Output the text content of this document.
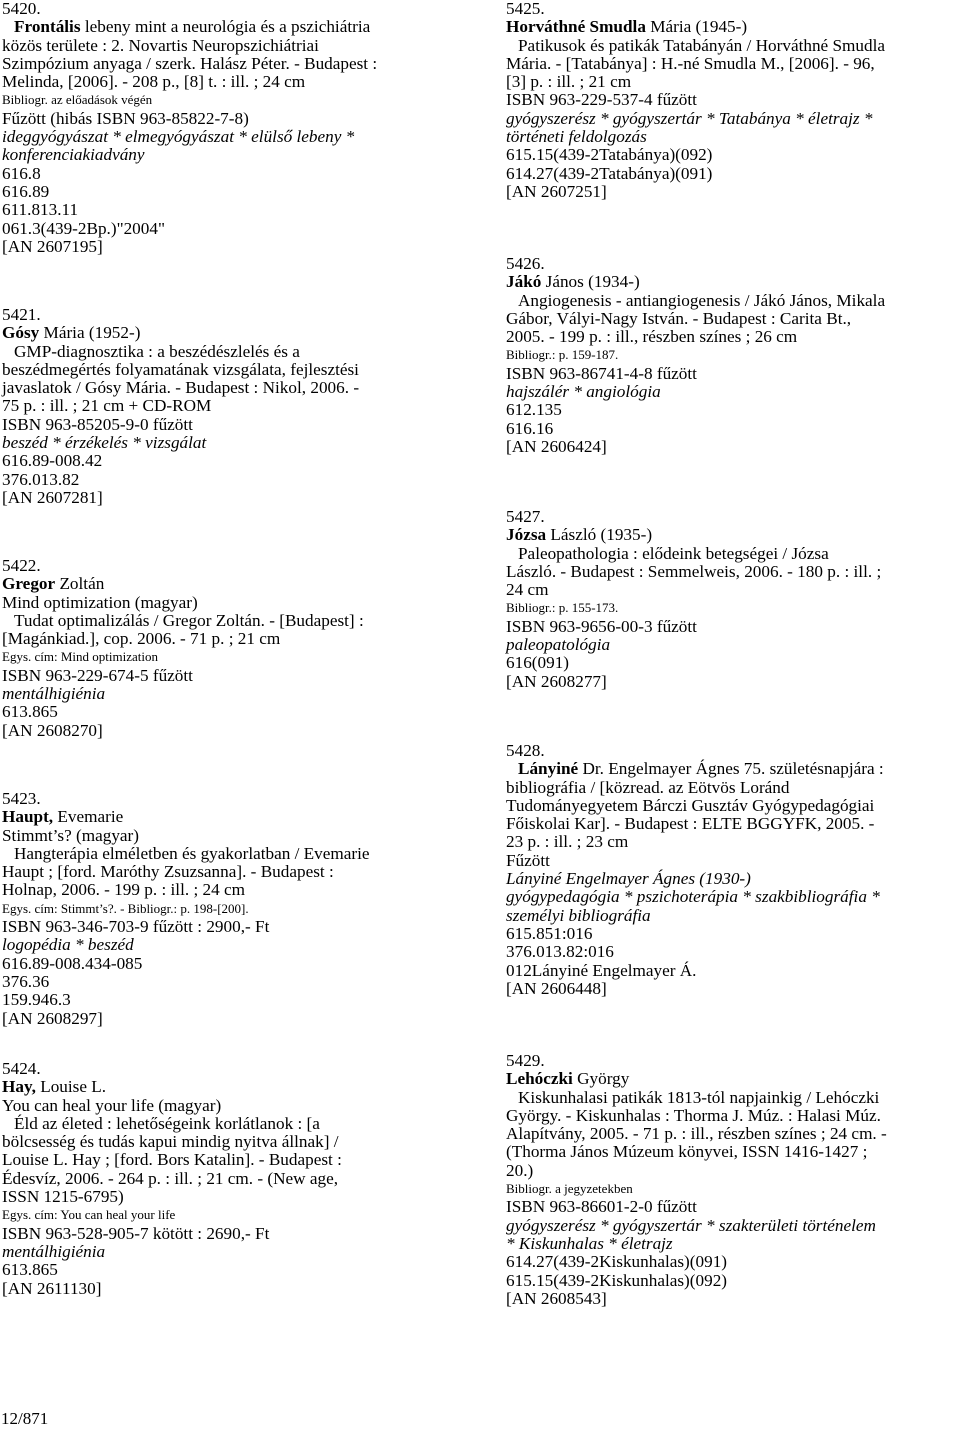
5420.
Frontális lebeny mint a neurológia és a pszichiátria
közös területe : 2. Novartis Neuropszichiátriai
Szimpózium anyaga / szerk. Halász Péter. - Budapest :
Melinda, [2006]. - 208 p., [8] t. : ill. ; 24 cm
Bibliogr. az előadások végén
Fűzött (hibás ISBN 963-85822-7-8)
ideggyógyászat * elmegyógyászat * elülső lebeny *
konferenciakiadvány
616.8
616.89
611.813.11
061.3(439-2Bp.)"2004"
[AN 2607195]
5421.
Gósy Mária (1952-)
GMP-diagnosztika : a beszédészlelés és a
beszédmegértés folyamatának vizsgálata, fejlesztési
javaslatok / Gósy Mária. - Budapest : Nikol, 2006. -
75 p. : ill. ; 21 cm + CD-ROM
ISBN 963-85205-9-0 fűzött
beszéd * érzékelés * vizsgálat
616.89-008.42
376.013.82
[AN 2607281]
5422.
Gregor Zoltán
Mind optimization (magyar)
Tudat optimalizálás / Gregor Zoltán. - [Budapest] :
[Magánkiad.], cop. 2006. - 71 p. ; 21 cm
Egys. cím: Mind optimization
ISBN 963-229-674-5 fűzött
mentálhigiénia
613.865
[AN 2608270]
5423.
Haupt, Evemarie
Stimmt’s? (magyar)
Hangterápia elméletben és gyakorlatban / Evemarie
Haupt ; [ford. Maróthy Zsuzsanna]. - Budapest :
Holnap, 2006. - 199 p. : ill. ; 24 cm
Egys. cím: Stimmt’s?. - Bibliogr.: p. 198-[200].
ISBN 963-346-703-9 fűzött : 2900,- Ft
logopédia * beszéd
616.89-008.434-085
376.36
159.946.3
[AN 2608297]
5424.
Hay, Louise L.
You can heal your life (magyar)
Éld az életed : lehetőségeink korlátlanok : [a
bölcsesség és tudás kapui mindig nyitva állnak] /
Louise L. Hay ; [ford. Bors Katalin]. - Budapest :
Édesvíz, 2006. - 264 p. : ill. ; 21 cm. - (New age,
ISSN 1215-6795)
Egys. cím: You can heal your life
ISBN 963-528-905-7 kötött : 2690,- Ft
mentálhigiénia
613.865
[AN 2611130]
5425.
Horváthné Smudla Mária (1945-)
Patikusok és patikák Tatabányán / Horváthné Smudla
Mária. - [Tatabánya] : H.-né Smudla M., [2006]. - 96,
[3] p. : ill. ; 21 cm
ISBN 963-229-537-4 fűzött
gyógyszerész * gyógyszertár * Tatabánya * életrajz *
történeti feldolgozás
615.15(439-2Tatabánya)(092)
614.27(439-2Tatabánya)(091)
[AN 2607251]
5426.
Jákó János (1934-)
Angiogenesis - antiangiogenesis / Jákó János, Mikala
Gábor, Vályi-Nagy István. - Budapest : Carita Bt.,
2005. - 199 p. : ill., részben színes ; 26 cm
Bibliogr.: p. 159-187.
ISBN 963-86741-4-8 fűzött
hajszálér * angiológia
612.135
616.16
[AN 2606424]
5427.
Józsa László (1935-)
Paleopathologia : elődeink betegségei / Józsa
László. - Budapest : Semmelweis, 2006. - 180 p. : ill. ;
24 cm
Bibliogr.: p. 155-173.
ISBN 963-9656-00-3 fűzött
paleopatológia
616(091)
[AN 2608277]
5428.
Lányiné Dr. Engelmayer Ágnes 75. születésnapjára :
bibliográfia / [közread. az Eötvös Loránd
Tudományegyetem Bárczi Gusztáv Gyógypedagógiai
Főiskolai Kar]. - Budapest : ELTE BGGYFK, 2005. -
23 p. : ill. ; 23 cm
Fűzött
Lányiné Engelmayer Ágnes (1930-)
gyógypedagógia * pszichoterápia * szakbibliográfia *
személyi bibliográfia
615.851:016
376.013.82:016
012Lányiné Engelmayer Á.
[AN 2606448]
5429.
Lehóczki György
Kiskunhalasi patikák 1813-tól napjainkig / Lehóczki
György. - Kiskunhalas : Thorma J. Múz. : Halasi Múz.
Alapítvány, 2005. - 71 p. : ill., részben színes ; 24 cm. -
(Thorma János Múzeum könyvei, ISSN 1416-1427 ;
20.)
Bibliogr. a jegyzetekben
ISBN 963-86601-2-0 fűzött
gyógyszerész * gyógyszertár * szakterületi történelem
* Kiskunhalas * életrajz
614.27(439-2Kiskunhalas)(091)
615.15(439-2Kiskunhalas)(092)
[AN 2608543]
12/871
